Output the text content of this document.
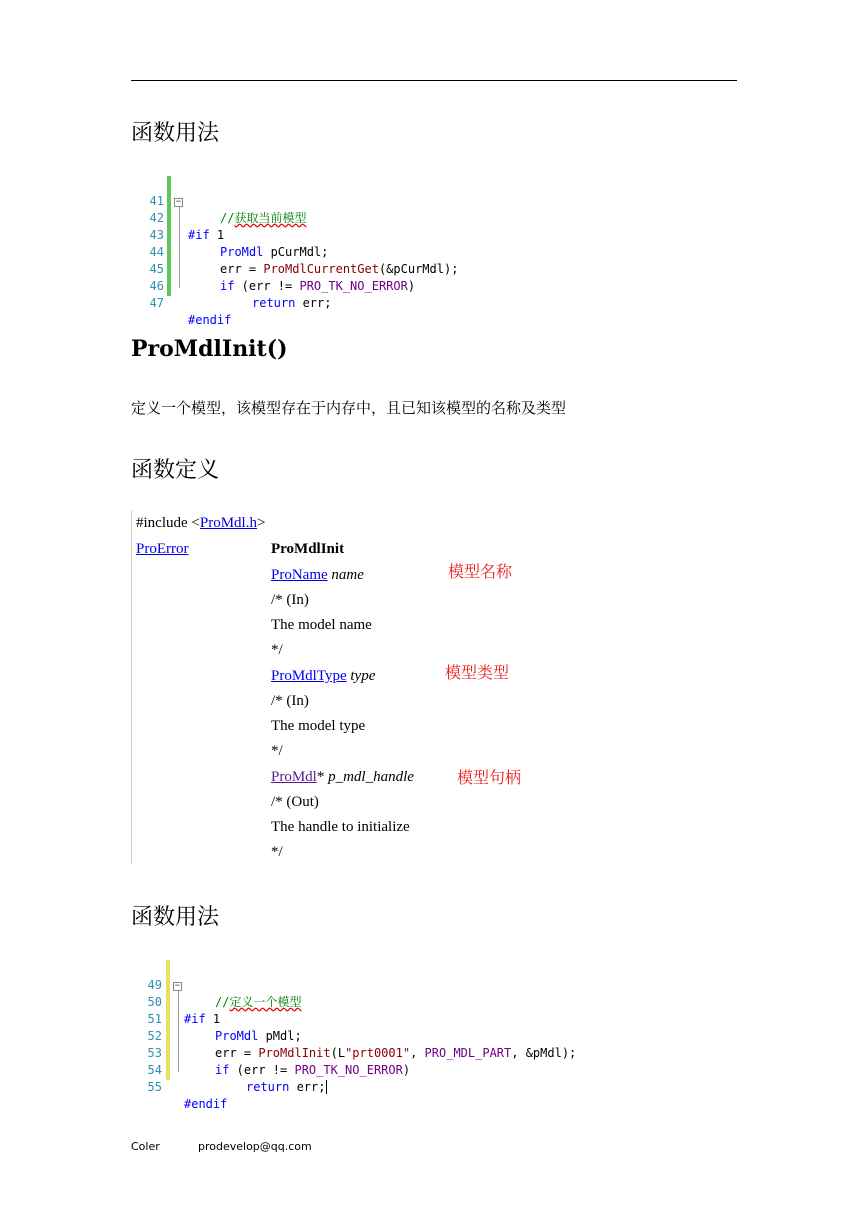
函数用法
−

41

//获取当前模型

42

#if 1

43

ProMdl pCurMdl;

44

err = ProMdlCurrentGet(&pCurMdl);

45

if (err != PRO_TK_NO_ERROR)

46

return err;

47

#endif

ProMdlInit()
定义一个模型，该模型存在于内存中，且已知该模型的名称及类型
函数定义
#include <ProMdl.h>
ProError	ProMdlInit
ProName name
/* (In)
The model name
*/
ProMdlType type
/* (In)
The model type
*/
ProMdl* p_mdl_handle
/* (Out)
The handle to initialize
*/
模型名称
模型类型
模型句柄
函数用法
−

49

//定义一个模型

50

#if 1

51

ProMdl pMdl;

52

err = ProMdlInit(L"prt0001", PRO_MDL_PART, &pMdl);

53

if (err != PRO_TK_NO_ERROR)

54

return err;

55

#endif

Coler	prodevelop@qq.com
